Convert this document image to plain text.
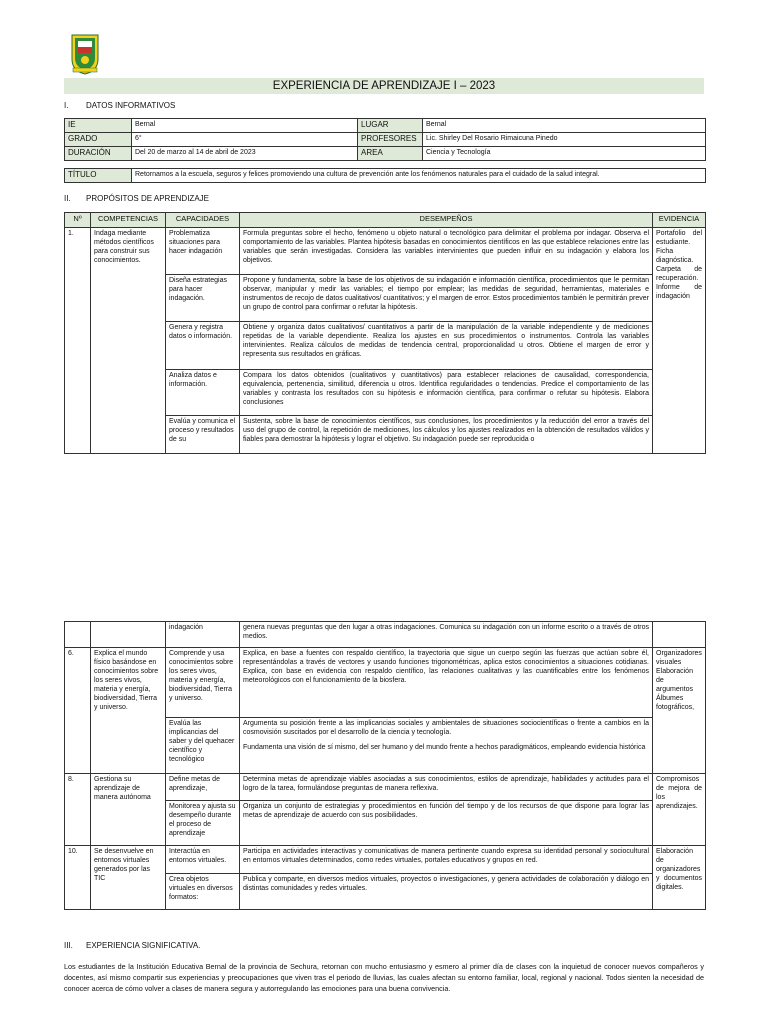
EXPERIENCIA DE APRENDIZAJE I – 2023
I. DATOS INFORMATIVOS
IE	Bernal	LUGAR	Bernal
GRADO	6°	PROFESORES	Lic. Shirley Del Rosario Rimaicuna Pinedo
DURACIÓN	Del 20 de marzo al 14 de abril de 2023	AREA	Ciencia y Tecnología
TÍTULO	Retornamos a la escuela, seguros y felices promoviendo una cultura de prevención ante los fenómenos naturales para el cuidado de la salud integral.
II. PROPÓSITOS DE APRENDIZAJE
Nº	COMPETENCIAS	CAPACIDADES	DESEMPEÑOS	EVIDENCIA
1.	Indaga mediante métodos científicos para construir sus conocimientos.	Problematiza situaciones para hacer indagación	Formula preguntas sobre el hecho, fenómeno u objeto natural o tecnológico para delimitar el problema por indagar. Observa el comportamiento de las variables. Plantea hipótesis basadas en conocimientos científicos en las que establece relaciones entre las variables que serán investigadas. Considera las variables intervinientes que pueden influir en su indagación y elabora los objetivos.	Portafolio del estudiante. Ficha diagnóstica. Carpeta de recuperación. Informe de indagación
		Diseña estrategias para hacer indagación.	Propone y fundamenta, sobre la base de los objetivos de su indagación e información científica, procedimientos que le permitan observar, manipular y medir las variables; el tiempo por emplear; las medidas de seguridad, herramientas, materiales e instrumentos de recojo de datos cualitativos/ cuantitativos; y el margen de error. Estos procedimientos también le permitirán prever un grupo de control para confirmar o refutar la hipótesis.	
		Genera y registra datos o información.	Obtiene y organiza datos cualitativos/ cuantitativos a partir de la manipulación de la variable independiente y de mediciones repetidas de la variable dependiente. Realiza los ajustes en sus procedimientos o instrumentos. Controla las variables intervinientes. Realiza cálculos de medidas de tendencia central, proporcionalidad u otros. Obtiene el margen de error y representa sus resultados en gráficas.	
		Analiza datos e información.	Compara los datos obtenidos (cualitativos y cuantitativos) para establecer relaciones de causalidad, correspondencia, equivalencia, pertenencia, similitud, diferencia u otros. Identifica regularidades o tendencias. Predice el comportamiento de las variables y contrasta los resultados con su hipótesis e información científica, para confirmar o refutar su hipótesis. Elabora conclusiones	
		Evalúa y comunica el proceso y resultados de su	Sustenta, sobre la base de conocimientos científicos, sus conclusiones, los procedimientos y la reducción del error a través del uso del grupo de control, la repetición de mediciones, los cálculos y los ajustes realizados en la obtención de resultados válidos y fiables para demostrar la hipótesis y lograr el objetivo. Su indagación puede ser reproducida o	
		indagación	genera nuevas preguntas que den lugar a otras indagaciones. Comunica su indagación con un informe escrito o a través de otros medios.	
6.	Explica el mundo físico basándose en conocimientos sobre los seres vivos, materia y energía, biodiversidad, Tierra y universo.	Comprende y usa conocimientos sobre los seres vivos, materia y energía, biodiversidad, Tierra y universo.	Explica, en base a fuentes con respaldo científico, la trayectoria que sigue un cuerpo según las fuerzas que actúan sobre él, representándolas a través de vectores y usando funciones trigonométricas, aplica estos conocimientos a situaciones cotidianas. Explica, con base en evidencia con respaldo científico, las relaciones cualitativas y las cuantificables entre los fenómenos meteorológicos con el funcionamiento de la biosfera.	Organizadores visuales Elaboración de argumentos Álbumes fotográficos,
		Evalúa las implicancias del saber y del quehacer científico y tecnológico	Argumenta su posición frente a las implicancias sociales y ambientales de situaciones sociocientíficas o frente a cambios en la cosmovisión suscitados por el desarrollo de la ciencia y tecnología.
Fundamenta una visión de sí mismo, del ser humano y del mundo frente a hechos paradigmáticos, empleando evidencia histórica	

8.	Gestiona su aprendizaje de manera autónoma	Define metas de aprendizaje,	Determina metas de aprendizaje viables asociadas a sus conocimientos, estilos de aprendizaje, habilidades y actitudes para el logro de la tarea, formulándose preguntas de manera reflexiva.	Compromisos de mejora de los aprendizajes.
		Monitorea y ajusta su desempeño durante el proceso de aprendizaje	Organiza un conjunto de estrategias y procedimientos en función del tiempo y de los recursos de que dispone para lograr las metas de aprendizaje de acuerdo con sus posibilidades.	
10.	Se desenvuelve en entornos virtuales generados por las TIC	Interactúa en entornos virtuales.	Participa en actividades interactivas y comunicativas de manera pertinente cuando expresa su identidad personal y sociocultural en entornos virtuales determinados, como redes virtuales, portales educativos y grupos en red.	Elaboración de organizadores y documentos digitales.
		Crea objetos virtuales en diversos formatos:	Publica y comparte, en diversos medios virtuales, proyectos o investigaciones, y genera actividades de colaboración y diálogo en distintas comunidades y redes virtuales.	
III. EXPERIENCIA SIGNIFICATIVA.
Los estudiantes de la Institución Educativa Bernal de la provincia de Sechura, retornan con mucho entusiasmo y esmero al primer día de clases con la inquietud de conocer nuevos compañeros y docentes, así mismo compartir sus experiencias y preocupaciones que viven tras el periodo de lluvias, las cuales afectan su entorno familiar, local, regional y nacional. Todos sienten la necesidad de conocer acerca de cómo volver a clases de manera segura y autorregulando las emociones para una buena convivencia.
